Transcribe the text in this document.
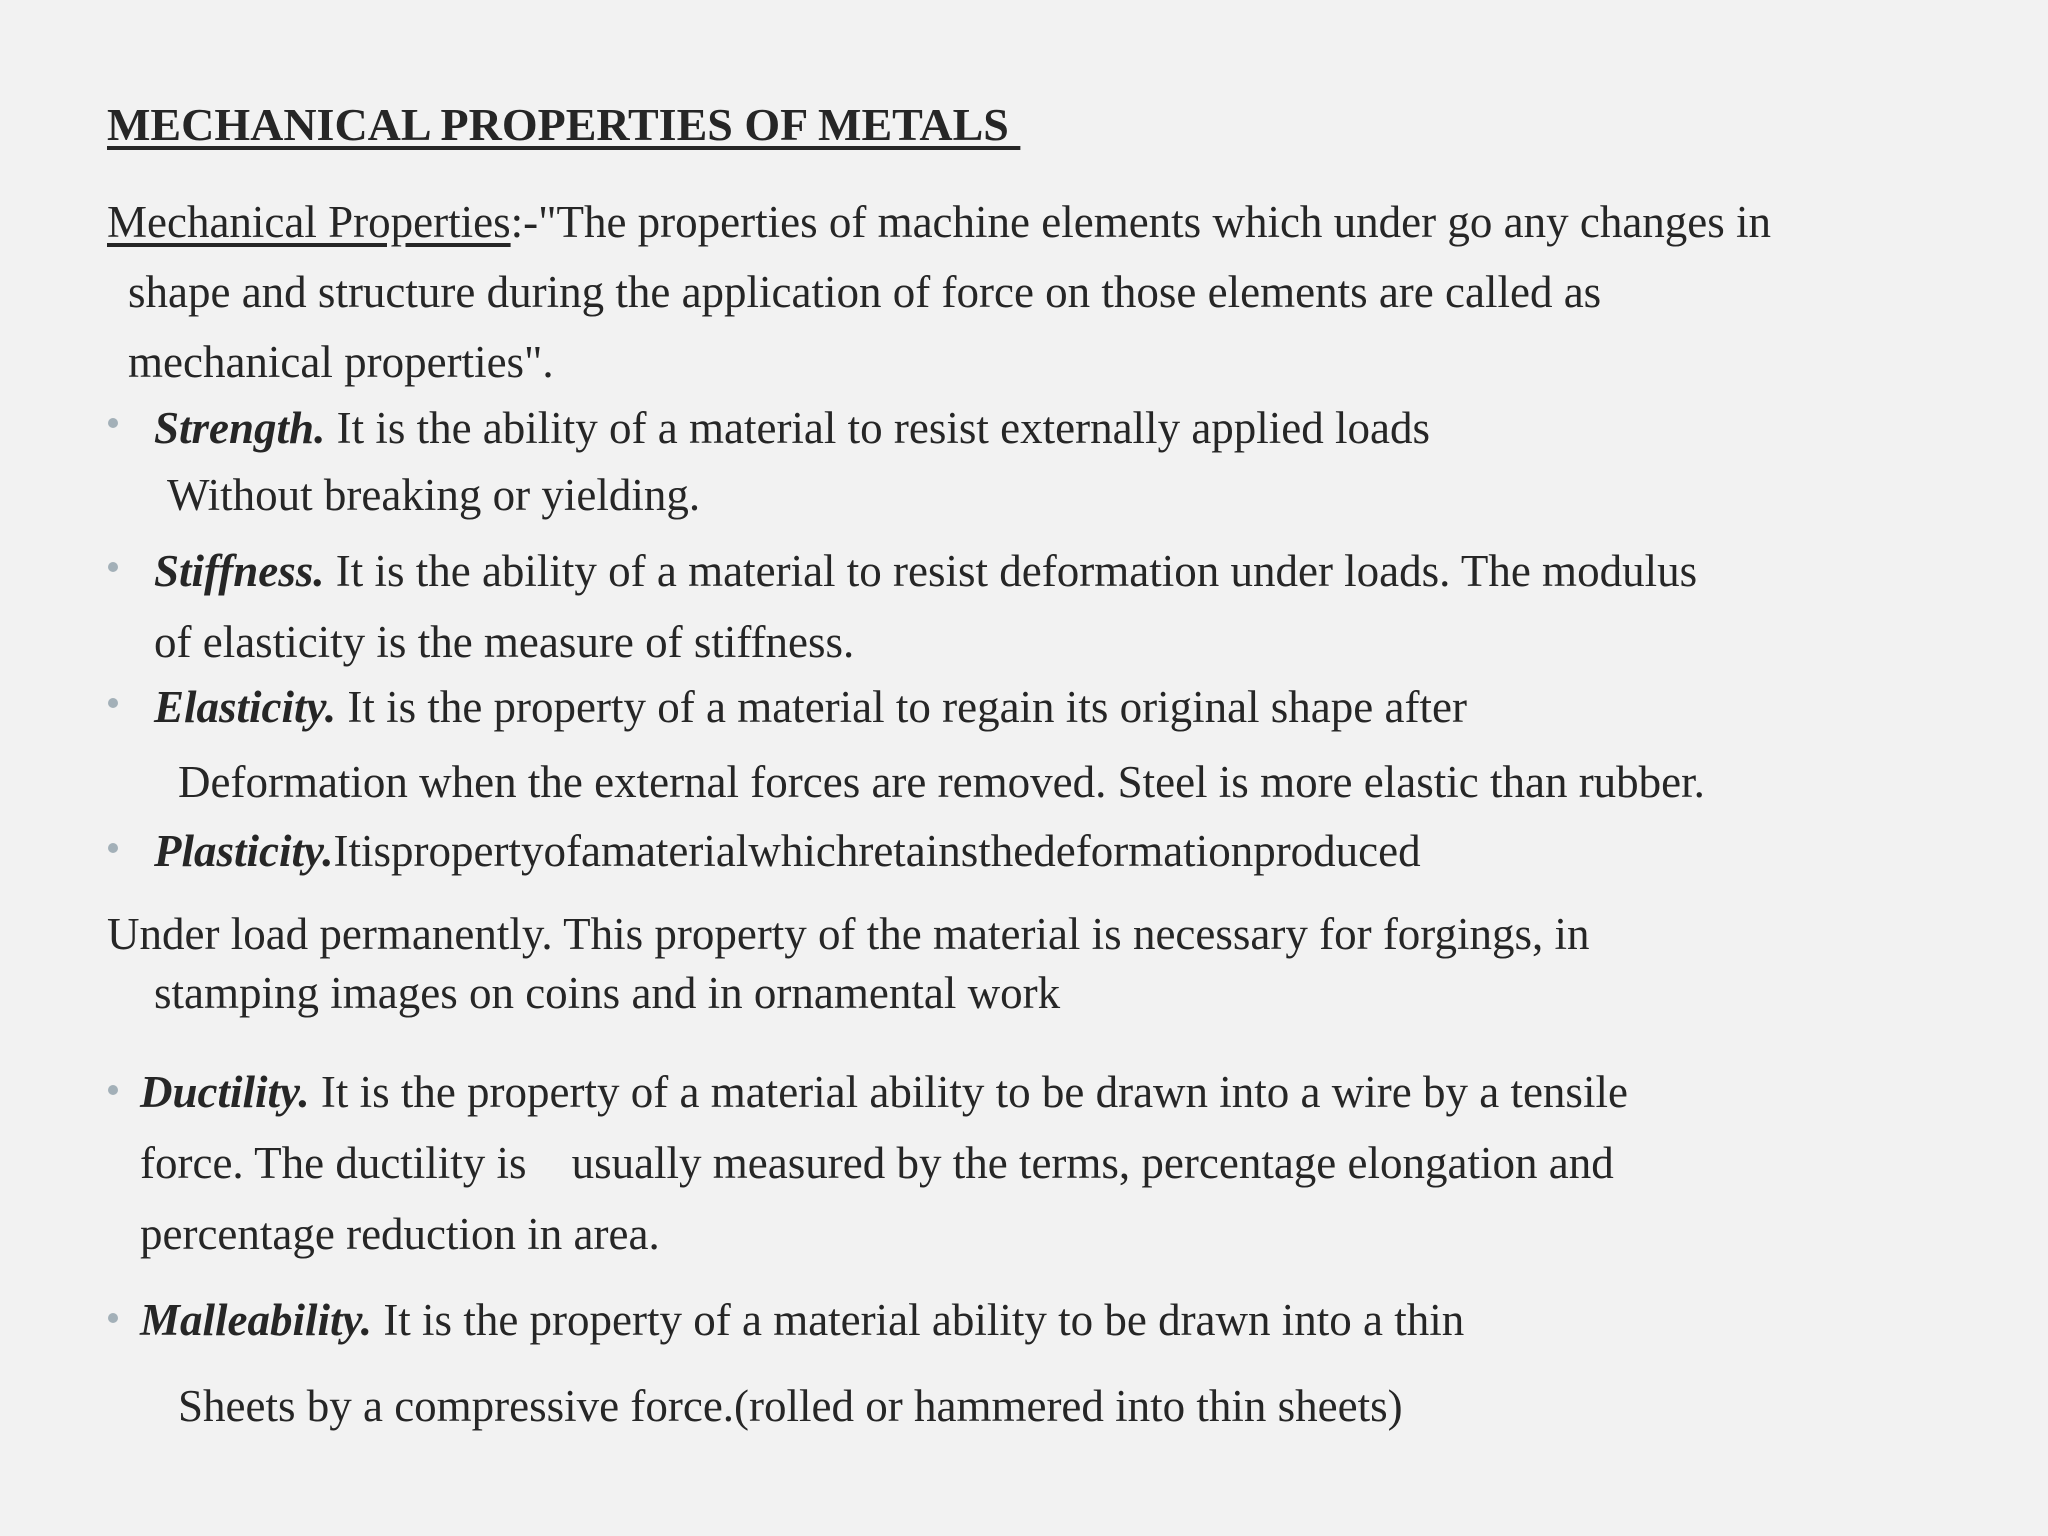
MECHANICAL PROPERTIES OF METALS

Mechanical Properties:-"The properties of machine elements which under go any changes in

shape and structure during the application of force on those elements are called as

mechanical properties".

Strength. It is the ability of a material to resist externally applied loads

Without breaking or yielding.

Stiffness. It is the ability of a material to resist deformation under loads. The modulus

of elasticity is the measure of stiffness.

Elasticity. It is the property of a material to regain its original shape after

Deformation when the external forces are removed. Steel is more elastic than rubber.

Plasticity.Itispropertyofamaterialwhichretainsthedeformationproduced

Under load permanently. This property of the material is necessary for forgings, in

stamping images on coins and in ornamental work

Ductility. It is the property of a material ability to be drawn into a wire by a tensile

force. The ductility is    usually measured by the terms, percentage elongation and

percentage reduction in area.

Malleability. It is the property of a material ability to be drawn into a thin

Sheets by a compressive force.(rolled or hammered into thin sheets)
